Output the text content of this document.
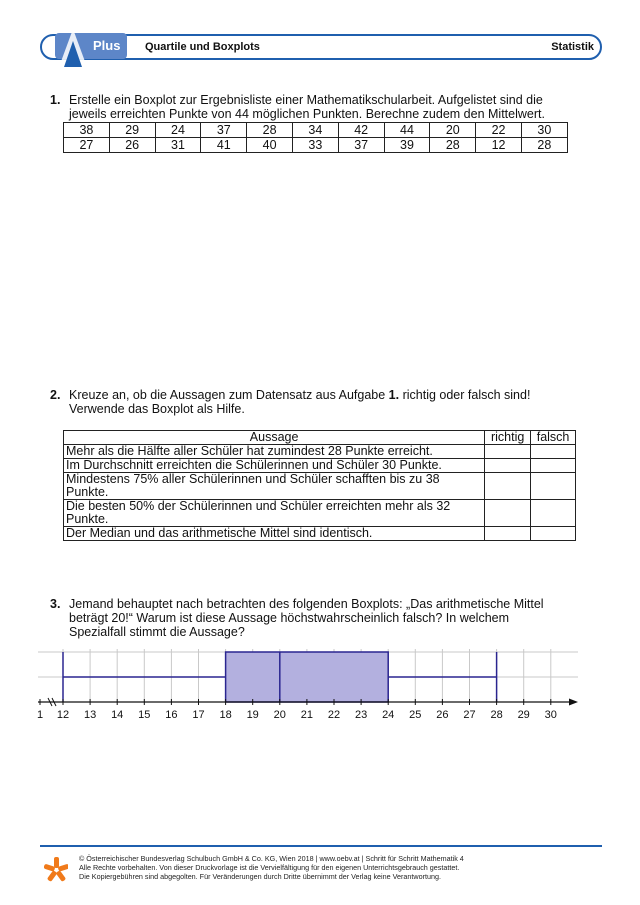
Plus Quartile und Boxplots	Statistik
1. Erstelle ein Boxplot zur Ergebnisliste einer Mathematikschularbeit. Aufgelistet sind die jeweils erreichten Punkte von 44 möglichen Punkten. Berechne zudem den Mittelwert.
38	29	24	37	28	34	42	44	20	22	30
27	26	31	41	40	33	37	39	28	12	28
2. Kreuze an, ob die Aussagen zum Datensatz aus Aufgabe 1. richtig oder falsch sind! Verwende das Boxplot als Hilfe.
Aussage	richtig	falsch
Mehr als die Hälfte aller Schüler hat zumindest 28 Punkte erreicht.		
Im Durchschnitt erreichten die Schülerinnen und Schüler 30 Punkte.		
Mindestens 75% aller Schülerinnen und Schüler schafften bis zu 38 Punkte.		
Die besten 50% der Schülerinnen und Schüler erreichten mehr als 32 Punkte.		
Der Median und das arithmetische Mittel sind identisch.		
3. Jemand behauptet nach betrachten des folgenden Boxplots: „Das arithmetische Mittel beträgt 20!“ Warum ist diese Aussage höchstwahrscheinlich falsch? In welchem Spezialfall stimmt die Aussage?
1 12 13 14 15 16 17 18 19 20 21 22 23 24 25 26 27 28 29 30
© Österreichischer Bundesverlag Schulbuch GmbH & Co. KG, Wien 2018 | www.oebv.at | Schritt für Schritt Mathematik 4
Alle Rechte vorbehalten. Von dieser Druckvorlage ist die Vervielfältigung für den eigenen Unterrichtsgebrauch gestattet.
Die Kopiergebühren sind abgegolten. Für Veränderungen durch Dritte übernimmt der Verlag keine Verantwortung.
